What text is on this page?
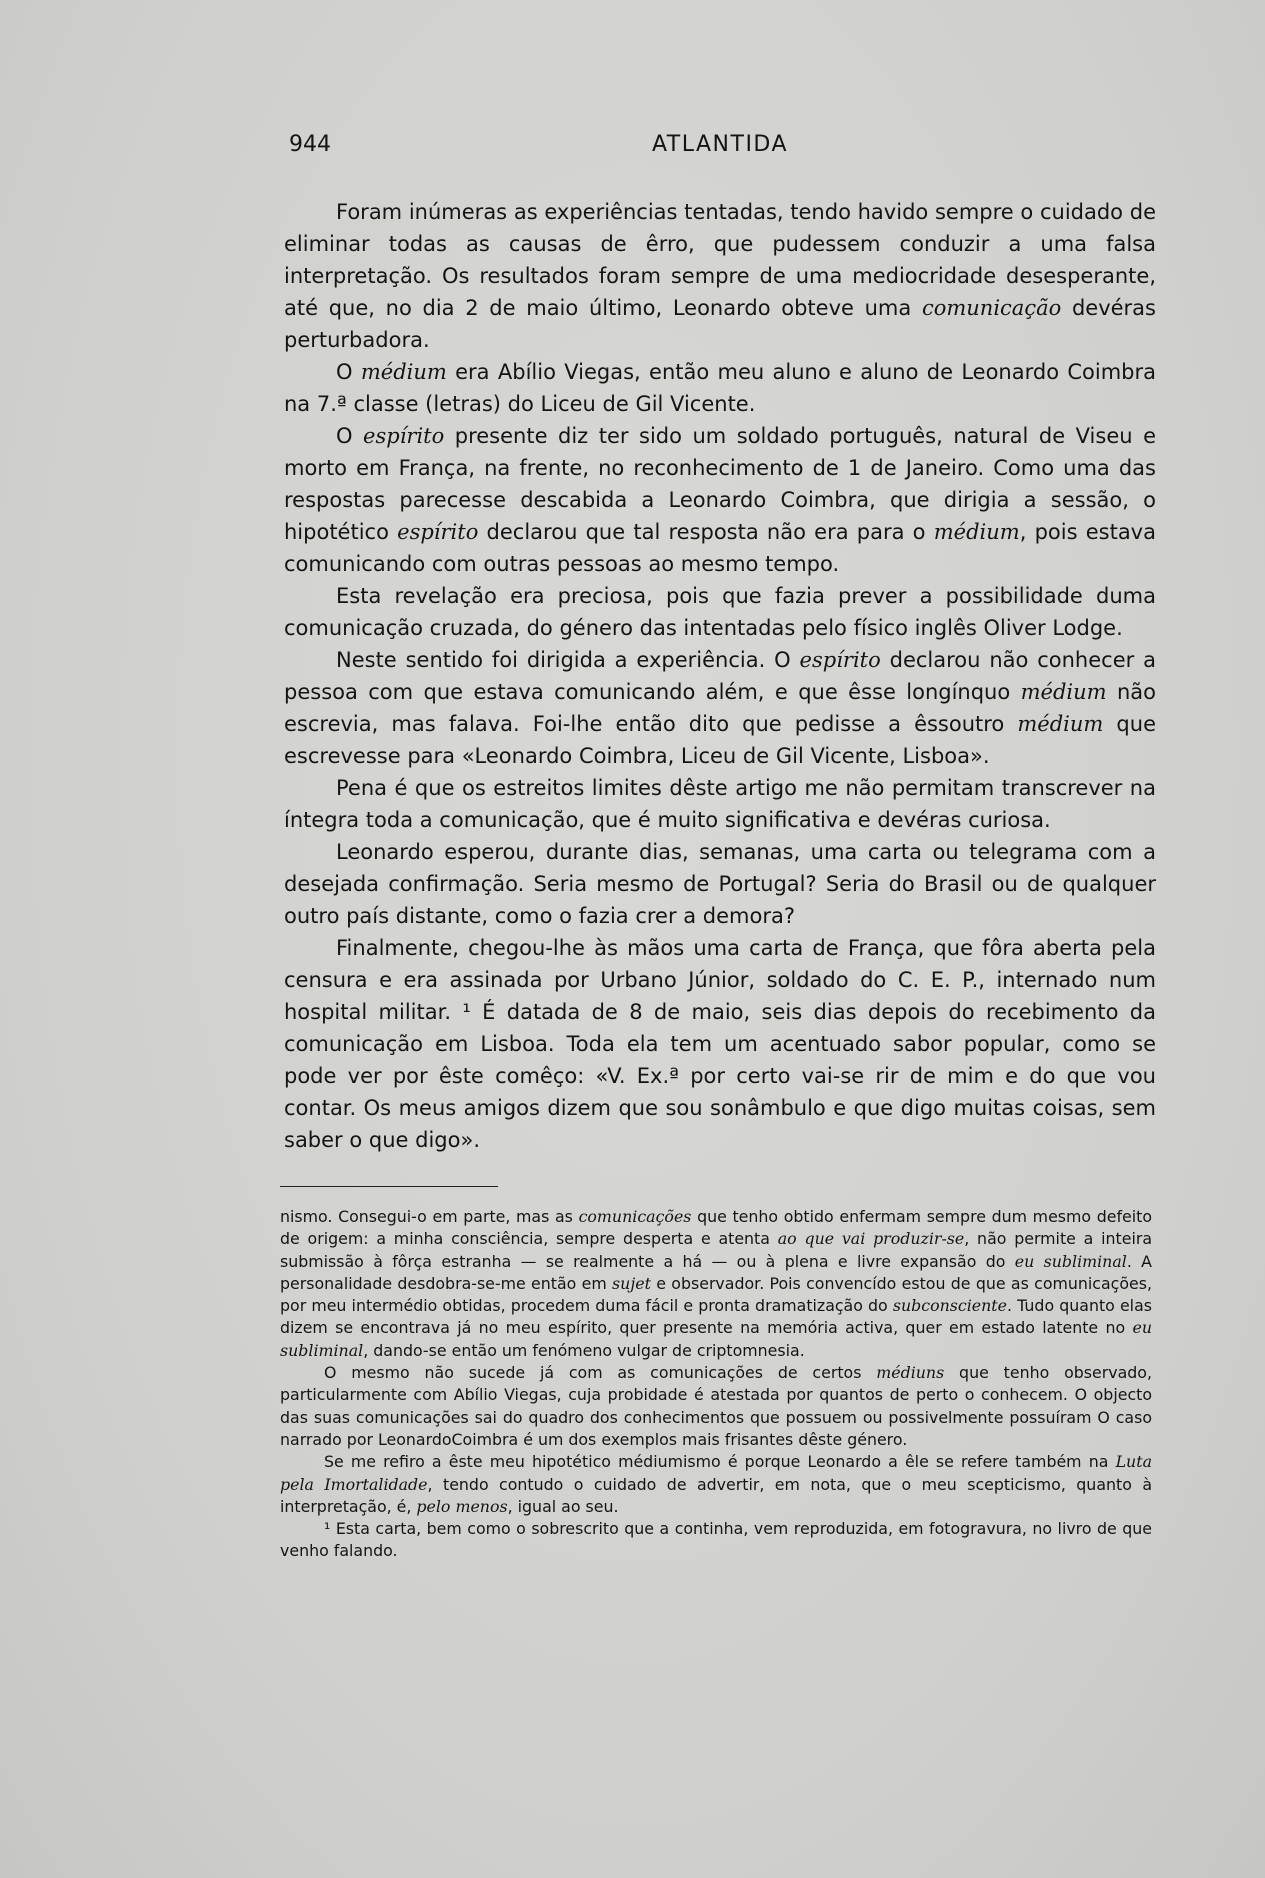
944	ATLANTIDA

Foram inúmeras as experiências tentadas, tendo havido sempre o cuidado de eliminar todas as causas de êrro, que pudessem conduzir a uma falsa interpretação. Os resultados foram sempre de uma mediocridade desesperante, até que, no dia 2 de maio último, Leonardo obteve uma comunicação devéras perturbadora.

O médium era Abílio Viegas, então meu aluno e aluno de Leonardo Coimbra na 7.ª classe (letras) do Liceu de Gil Vicente.

O espírito presente diz ter sido um soldado português, natural de Viseu e morto em França, na frente, no reconhecimento de 1 de Janeiro. Como uma das respostas parecesse descabida a Leonardo Coimbra, que dirigia a sessão, o hipotético espírito declarou que tal resposta não era para o médium, pois estava comunicando com outras pessoas ao mesmo tempo.

Esta revelação era preciosa, pois que fazia prever a possibilidade duma comunicação cruzada, do género das intentadas pelo físico inglês Oliver Lodge.

Neste sentido foi dirigida a experiência. O espírito declarou não conhecer a pessoa com que estava comunicando além, e que êsse longínquo médium não escrevia, mas falava. Foi-lhe então dito que pedisse a êssoutro médium que escrevesse para «Leonardo Coimbra, Liceu de Gil Vicente, Lisboa».

Pena é que os estreitos limites dêste artigo me não permitam transcrever na íntegra toda a comunicação, que é muito significativa e devéras curiosa.

Leonardo esperou, durante dias, semanas, uma carta ou telegrama com a desejada confirmação. Seria mesmo de Portugal? Seria do Brasil ou de qualquer outro país distante, como o fazia crer a demora?

Finalmente, chegou-lhe às mãos uma carta de França, que fôra aberta pela censura e era assinada por Urbano Júnior, soldado do C. E. P., internado num hospital militar. ¹ É datada de 8 de maio, seis dias depois do recebimento da comunicação em Lisboa. Toda ela tem um acentuado sabor popular, como se pode ver por êste comêço: «V. Ex.ª por certo vai-se rir de mim e do que vou contar. Os meus amigos dizem que sou sonâmbulo e que digo muitas coisas, sem saber o que digo».

nismo. Consegui-o em parte, mas as comunicações que tenho obtido enfermam sempre dum mesmo defeito de origem: a minha consciência, sempre desperta e atenta ao que vai produzir-se, não permite a inteira submissão à fôrça estranha — se realmente a há — ou à plena e livre expansão do eu subliminal. A personalidade desdobra-se-me então em sujet e observador. Pois convencído estou de que as comunicações, por meu intermédio obtidas, procedem duma fácil e pronta dramatização do subconsciente. Tudo quanto elas dizem se encontrava já no meu espírito, quer presente na memória activa, quer em estado latente no eu subliminal, dando-se então um fenómeno vulgar de criptomnesia.

O mesmo não sucede já com as comunicações de certos médiuns que tenho observado, particularmente com Abílio Viegas, cuja probidade é atestada por quantos de perto o conhecem. O objecto das suas comunicações sai do quadro dos conhecimentos que possuem ou possivelmente possuíram O caso narrado por LeonardoCoimbra é um dos exemplos mais frisantes dêste género.

Se me refiro a êste meu hipotético médiumismo é porque Leonardo a êle se refere também na Luta pela Imortalidade, tendo contudo o cuidado de advertir, em nota, que o meu scepticismo, quanto à interpretação, é, pelo menos, igual ao seu.

¹ Esta carta, bem como o sobrescrito que a continha, vem reproduzida, em fotogravura, no livro de que venho falando.
